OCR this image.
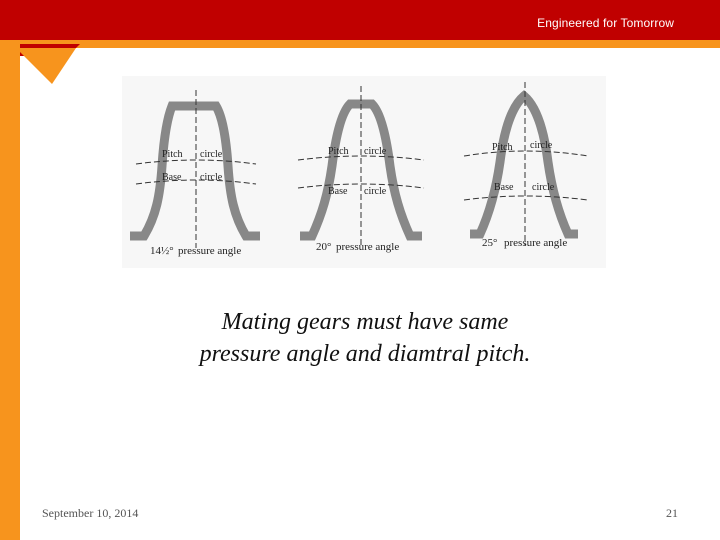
Engineered for Tomorrow
Pitch circle
Base circle
14½° pressure angle
Pitch circle
Base circle
20° pressure angle
Pitch circle
Base circle
25° pressure angle
Mating gears must have same
pressure angle and diamtral pitch.
September 10, 2014	21
